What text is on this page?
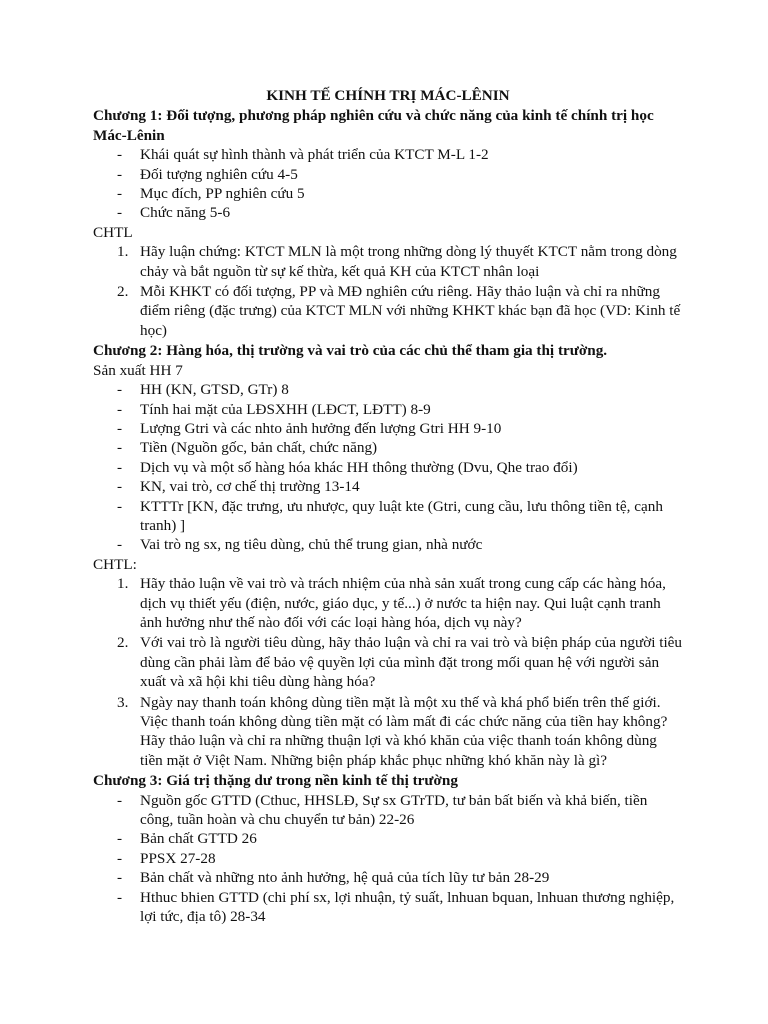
KINH TẾ CHÍNH TRỊ MÁC-LÊNIN

Chương 1: Đối tượng, phương pháp nghiên cứu và chức năng của kinh tế chính trị học Mác-Lênin

- Khái quát sự hình thành và phát triển của KTCT M-L 1-2
- Đối tượng nghiên cứu 4-5
- Mục đích, PP nghiên cứu 5
- Chức năng 5-6

CHTL

1. Hãy luận chứng: KTCT MLN là một trong những dòng lý thuyết KTCT nằm trong dòng chảy và bắt nguồn từ sự kế thừa, kết quả KH của KTCT nhân loại
2. Mỗi KHKT có đối tượng, PP và MĐ nghiên cứu riêng. Hãy thảo luận và chỉ ra những điểm riêng (đặc trưng) của KTCT MLN với những KHKT khác bạn đã học (VD: Kinh tế học)

Chương 2: Hàng hóa, thị trường và vai trò của các chủ thể tham gia thị trường.

Sản xuất HH 7

- HH (KN, GTSD, GTr) 8
- Tính hai mặt của LĐSXHH (LĐCT, LĐTT) 8-9
- Lượng Gtri và các nhto ảnh hưởng đến lượng Gtri HH 9-10
- Tiền (Nguồn gốc, bản chất, chức năng)
- Dịch vụ và một số hàng hóa khác HH thông thường (Dvu, Qhe trao đổi)
- KN, vai trò, cơ chế thị trường 13-14
- KTTTr [KN, đặc trưng, ưu nhược, quy luật kte (Gtri, cung cầu, lưu thông tiền tệ, cạnh tranh) ]
- Vai trò ng sx, ng tiêu dùng, chủ thể trung gian, nhà nước

CHTL:

1. Hãy thảo luận về vai trò và trách nhiệm của nhà sản xuất trong cung cấp các hàng hóa, dịch vụ thiết yếu (điện, nước, giáo dục, y tế...) ở nước ta hiện nay. Qui luật cạnh tranh ảnh hưởng như thế nào đối với các loại hàng hóa, dịch vụ này?
2. Với vai trò là người tiêu dùng, hãy thảo luận và chỉ ra vai trò và biện pháp của người tiêu dùng cần phải làm để bảo vệ quyền lợi của mình đặt trong mối quan hệ với người sản xuất và xã hội khi tiêu dùng hàng hóa?
3. Ngày nay thanh toán không dùng tiền mặt là một xu thế và khá phổ biến trên thế giới. Việc thanh toán không dùng tiền mặt có làm mất đi các chức năng của tiền hay không? Hãy thảo luận và chỉ ra những thuận lợi và khó khăn của việc thanh toán không dùng tiền mặt ở Việt Nam. Những biện pháp khắc phục những khó khăn này là gì?

Chương 3: Giá trị thặng dư trong nền kinh tế thị trường

- Nguồn gốc GTTD (Cthuc, HHSLĐ, Sự sx GTrTD, tư bản bất biến và khả biến, tiền công, tuần hoàn và chu chuyển tư bản) 22-26
- Bản chất GTTD 26
- PPSX 27-28
- Bản chất và những nto ảnh hưởng, hệ quả của tích lũy tư bản 28-29
- Hthuc bhien GTTD (chi phí sx, lợi nhuận, tỷ suất, lnhuan bquan, lnhuan thương nghiệp, lợi tức, địa tô) 28-34
